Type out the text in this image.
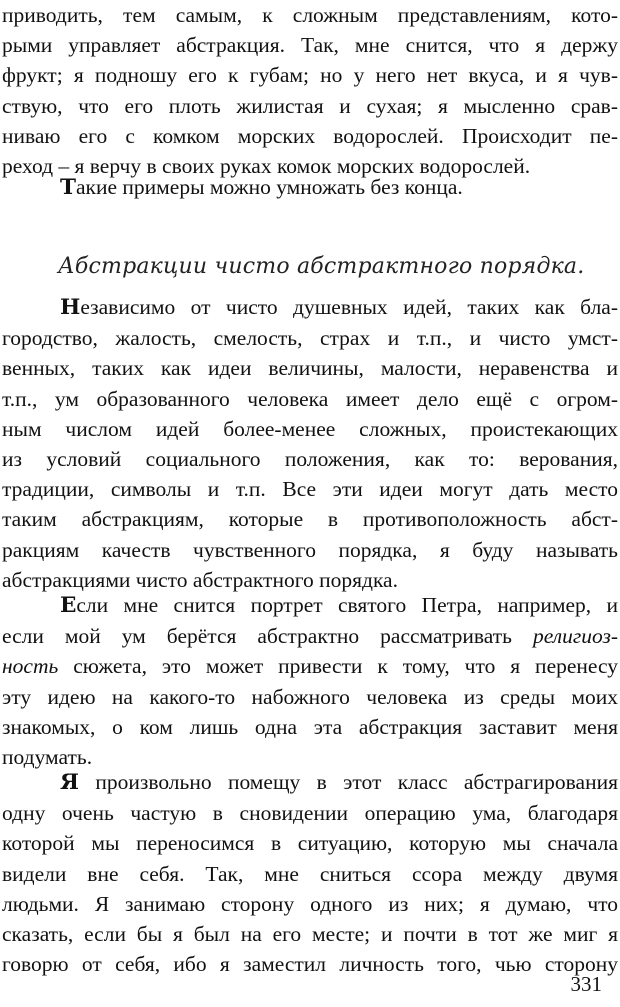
приводить, тем самым, к сложным представлениям, кото-
рыми управляет абстракция. Так, мне снится, что я держу
фрукт; я подношу его к губам; но у него нет вкуса, и я чув-
ствую, что его плоть жилистая и сухая; я мысленно срав-
ниваю его с комком морских водорослей. Происходит пе-
реход – я верчу в своих руках комок морских водорослей.
Такие примеры можно умножать без конца.
Абстракции чисто абстрактного порядка.
Независимо от чисто душевных идей, таких как бла-
городство, жалость, смелость, страх и т.п., и чисто умст-
венных, таких как идеи величины, малости, неравенства и
т.п., ум образованного человека имеет дело ещё с огром-
ным числом идей более-менее сложных, проистекающих
из условий социального положения, как то: верования,
традиции, символы и т.п. Все эти идеи могут дать место
таким абстракциям, которые в противоположность абст-
ракциям качеств чувственного порядка, я буду называть
абстракциями чисто абстрактного порядка.
Если мне снится портрет святого Петра, например, и
если мой ум берётся абстрактно рассматривать религиоз-
ность сюжета, это может привести к тому, что я перенесу
эту идею на какого-то набожного человека из среды моих
знакомых, о ком лишь одна эта абстракция заставит меня
подумать.
Я произвольно помещу в этот класс абстрагирования
одну очень частую в сновидении операцию ума, благодаря
которой мы переносимся в ситуацию, которую мы сначала
видели вне себя. Так, мне сниться ссора между двумя
людьми. Я занимаю сторону одного из них; я думаю, что
сказать, если бы я был на его месте; и почти в тот же миг я
говорю от себя, ибо я заместил личность того, чью сторону
331
